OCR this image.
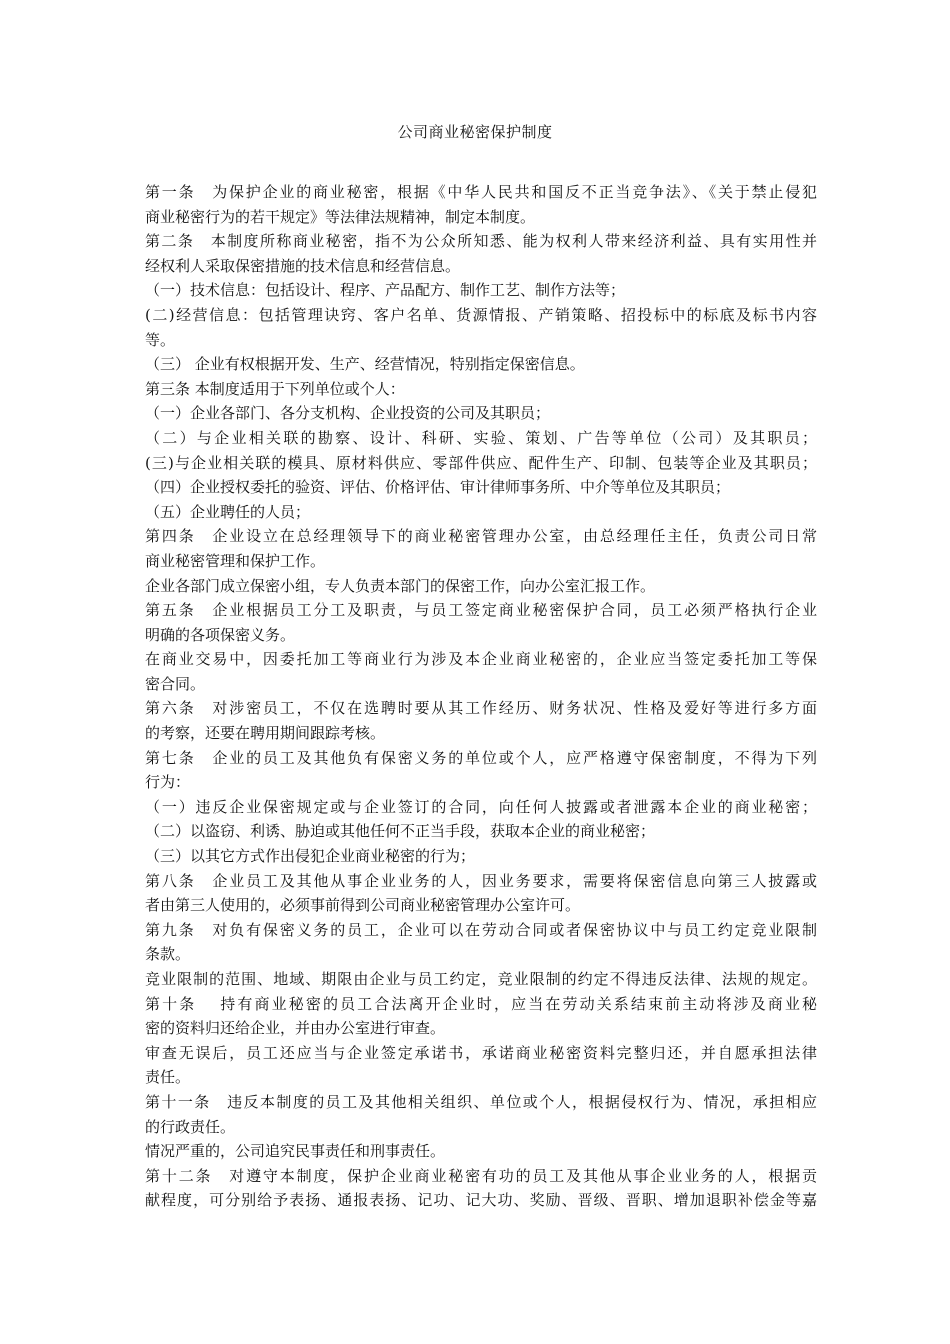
公司商业秘密保护制度
第一条　为保护企业的商业秘密，根据《中华人民共和国反不正当竞争法》、《关于禁止侵犯
商业秘密行为的若干规定》等法律法规精神，制定本制度。
第二条　本制度所称商业秘密，指不为公众所知悉、能为权利人带来经济利益、具有实用性并
经权利人采取保密措施的技术信息和经营信息。
（一）技术信息：包括设计、程序、产品配方、制作工艺、制作方法等；
(二)经营信息：包括管理诀窍、客户名单、货源情报、产销策略、招投标中的标底及标书内容
等。
（三） 企业有权根据开发、生产、经营情况，特别指定保密信息。
第三条 本制度适用于下列单位或个人：
（一）企业各部门、各分支机构、企业投资的公司及其职员；
（二）与企业相关联的勘察、设计、科研、实验、策划、广告等单位（公司）及其职员；
(三)与企业相关联的模具、原材料供应、零部件供应、配件生产、印制、包装等企业及其职员；
（四）企业授权委托的验资、评估、价格评估、审计律师事务所、中介等单位及其职员；
（五）企业聘任的人员；
第四条　企业设立在总经理领导下的商业秘密管理办公室，由总经理任主任，负责公司日常
商业秘密管理和保护工作。
企业各部门成立保密小组，专人负责本部门的保密工作，向办公室汇报工作。
第五条　企业根据员工分工及职责，与员工签定商业秘密保护合同，员工必须严格执行企业
明确的各项保密义务。
在商业交易中，因委托加工等商业行为涉及本企业商业秘密的，企业应当签定委托加工等保
密合同。
第六条　对涉密员工，不仅在选聘时要从其工作经历、财务状况、性格及爱好等进行多方面
的考察，还要在聘用期间跟踪考核。
第七条　企业的员工及其他负有保密义务的单位或个人，应严格遵守保密制度，不得为下列
行为：
（一）违反企业保密规定或与企业签订的合同，向任何人披露或者泄露本企业的商业秘密；
（二）以盗窃、利诱、胁迫或其他任何不正当手段，获取本企业的商业秘密；
（三）以其它方式作出侵犯企业商业秘密的行为；
第八条　企业员工及其他从事企业业务的人，因业务要求，需要将保密信息向第三人披露或
者由第三人使用的，必须事前得到公司商业秘密管理办公室许可。
第九条　对负有保密义务的员工，企业可以在劳动合同或者保密协议中与员工约定竞业限制
条款。
竞业限制的范围、地域、期限由企业与员工约定，竞业限制的约定不得违反法律、法规的规定。
第十条　 持有商业秘密的员工合法离开企业时，应当在劳动关系结束前主动将涉及商业秘
密的资料归还给企业，并由办公室进行审查。
审查无误后，员工还应当与企业签定承诺书，承诺商业秘密资料完整归还，并自愿承担法律
责任。
第十一条　违反本制度的员工及其他相关组织、单位或个人，根据侵权行为、情况，承担相应
的行政责任。
情况严重的，公司追究民事责任和刑事责任。
第十二条　对遵守本制度，保护企业商业秘密有功的员工及其他从事企业业务的人，根据贡
献程度，可分别给予表扬、通报表扬、记功、记大功、奖励、晋级、晋职、增加退职补偿金等嘉
